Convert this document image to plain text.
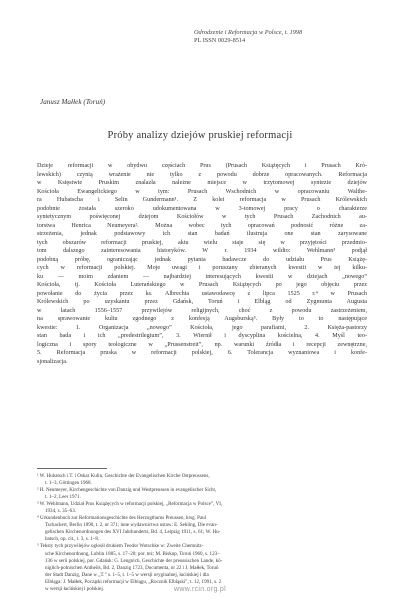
Odrodzenie i Reformacja w Polsce, t. 1998
PL ISSN 0029-8514
Janusz Małłek (Toruń)
Próby analizy dziejów pruskiej reformacji
Dzieje reformacji w obydwu częściach Prus (Prusach Książęcych i Prusach Kró-
lewskich) czynią wrażenie nie tylko z powodu dobrze opracowanych. Reformacja
w Księstwie Pruskim znalazła należne miejsce w trzytomowej syntezie dziejów
Kościoła Ewangelickiego w tym: Prusach Wschodnich w opracowaniu Walthe-
ra Hubatscha i Selin Gundermann¹. Z kolei reformacja w Prusach Królewskich
podobnie została szeroko udokumentowana w 3-tomowej pracy o charakterze
syntetycznym poświęconej dziejom Kościołów w tych Prusach Zachodnich au-
torstwa Henrica Neumeyera². Można wobec tych opracowań podnosić różne za-
strzeżenia, jednak podstawowy ich stan badań ilustruja one stan zarysowane
tych obszarów reformacji pruskiej, aktu wielu staje się w przyjętości przedmio-
tom dalszego zainteresowania historyków. W r. 1934 wildto: Wehlmann³ podjął
podobną próbę, ograniczając jednak pytania badawcze do udziału Prus Książę-
cych w reformacji polskiej. Moje uwagi i poruszany zbieranych kwestii w tej kilku-
ku — moim zdaniem — najbardziej interesujących kwestii w dziejach „nowego”
Kościoła, tj. Kościoła Luterańskiego w Prusach Książęcych po jego objęciu przez
powołanie do życia przez ks. Albrechta ustawodawcę z lipca 1525 r.⁴ w Prusach
Królewskich po uzyskaniu przez Gdańsk, Toruń i Elbląg od Zygmunta Augusta
w latach 1556–1557 przywilejów religijnych, choć z powodu zastrzeżeniem,
na sprawowanie kultu zgodnego z konfesją Augsburską⁵. Były to to następujące
kwestie: 1. Organizacja „nowego” Kościoła, jego parafiami, 2. Księża-pastorzy
stan bada i ich „predestrilegium”, 3. Wiernił i dyscyplina kościelna, 4. Myśl teo-
logiczna i spory teologiczne w „Prussenstreit”, np. warunki źródła i recepcji zewnętrzne,
5. Reformacja pruska w reformacji polskiej, 6. Tolerancja wyznaniowa i konfe-
sjonalizacja.
¹ W. Hubatsch i T. i Oskar Kulin, Geschichte der Evangelischen Kirche Ostpreussens,
t. 1–3, Göttingen 1968.
² H. Neumeyer, Kirchengeschichte von Danzig und Westpreussen in evangelischer Sicht,
t. 1–2, Leer 1971.
³ W. Wehlmann, Udział Prus Książęcych w reformacji polskiej, „Reformacja w Polsce”, VI,
1934, s. 35–63.
⁴ Urkundenbuch zur Reformationsgeschichte des Herzogthums Preussen, hrsg. Paul
Tschackert, Berlin 1890, t. 2, nr 371; inne wydawnictwa ustaw: E. Sehling, Die evan-
gelischen Kirchenordnungen des XVI Jahrhunderts, Bd. 4, Leipzig 1911, s. 61; W. Hu-
batsch, op. cit., t. 3, s. 1–8.
⁵ Teksty tych przywilejów ogłosił drukiem Teodor Wotschke w: Zweite Chemnitz-
sche Kirchenordnung, Lublin 1885, s. 17–20; por. też: M. Biskup, Toruń 1960, s. 123–
136 w serii polskiej, por. Gdańsk: G. Lengnich, Geschichte der preussischen Lande, kö-
niglich-polnischen Antheils, Bd. 2, Danzig 1723, Documenta, nr 22 i J. Małłek, Toruń
der Stadt Danzig, Dane w „T.” s. 1–5, t. 1–5 w wersji oryginalnej, łacińskiej i dla
Elbląga: J. Małłek, Początki reformacji w Elblągu, „Rocznik Elbląski”, t. 12, 1991, s. 2
w wersji łacińskiej i polskiej.	www.rcin.org.pl
